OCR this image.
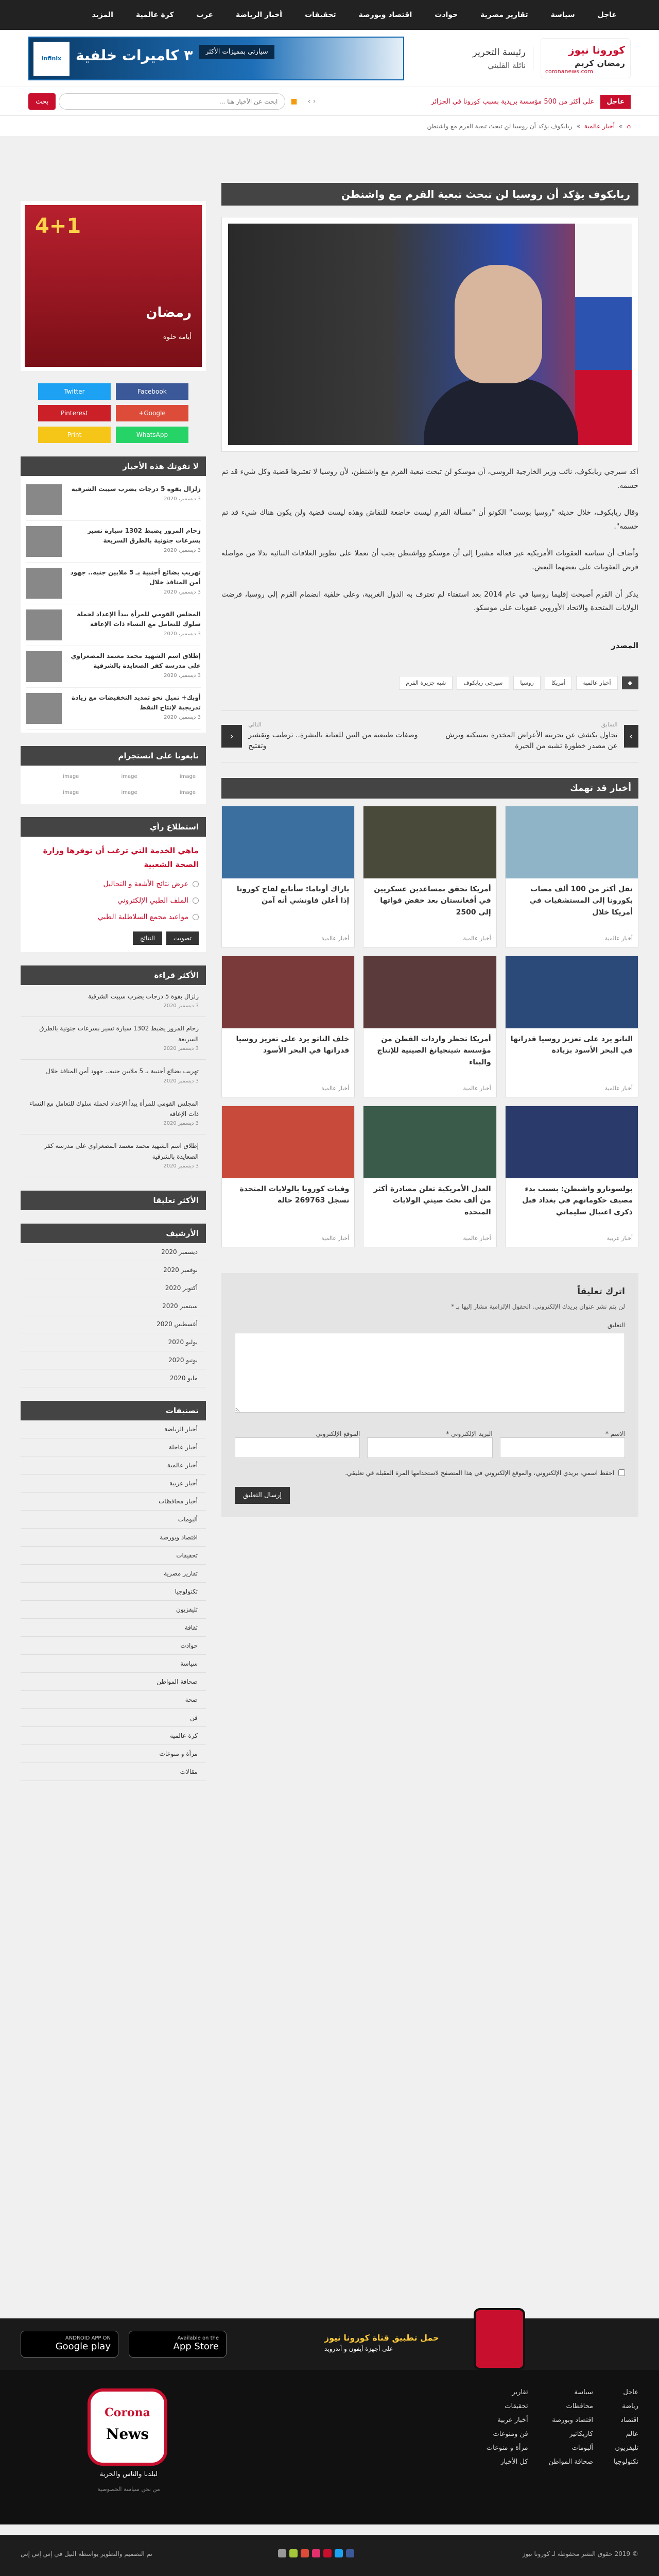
عاجل
سياسة
تقارير مصرية
حوادث
اقتصاد وبورصة
تحقيقات
أخبار الرياضة
عرب
كرة عالمية
المزيد
كورونا نيوز
رمضان كريم
coronanews.com
رئيسة التحرير
نائلة القليني
infinix
سيارتي بمميزات الأكثر
٣ كاميرات خلفية
عاجل
على أكثر من 500 مؤسسة بريدية بسبب كورونا في الجزائر
‹ ›
■
ابحث عن الأخبار هنا ...
بحث
⌂
»
أخبار عالمية
»
ريابكوف يؤكد أن روسيا لن تبحث تبعية القرم مع واشنطن
ريابكوف يؤكد أن روسيا لن تبحث تبعية القرم مع واشنطن

أكد سيرجي ريابكوف، نائب وزير الخارجية الروسي، أن موسكو لن تبحث تبعية القرم مع واشنطن، لأن روسيا لا تعتبرها قضية وكل شيء قد تم حسمه.

وقال ريابكوف، خلال حديثه "روسيا بوست" الكونو أن "مسألة القرم ليست خاضعة للنقاش وهذه ليست قضية ولن يكون هناك شيء قد تم حسمه".

وأضاف أن سياسة العقوبات الأمريكية غير فعالة مشيرا إلى أن موسكو وواشنطن يجب أن تعملا على تطوير العلاقات الثنائية بدلا من مواصلة فرض العقوبات على بعضهما البعض.

يذكر أن القرم أصبحت إقليما روسيا في عام 2014 بعد استفتاء لم تعترف به الدول الغربية، وعلى خلفية انضمام القرم إلى روسيا، فرضت الولايات المتحدة والاتحاد الأوروبي عقوبات على موسكو.

المصدر
◆
أخبار عالمية
أمريكا
روسيا
سيرجي ريابكوف
شبه جزيرة القرم
›
السابق
تحاول يكشف عن تجربته الأعراض المخدرة بمسكنه ويرش عن مصدر خطورة تشبه من الحيرة
‹
التالي
وصفات طبيعية من التين للعناية بالبشرة.. ترطيب وتقشير وتفتيح
أخبار قد تهمك
نقل أكثر من 100 ألف مصاب بكورونا إلى المستشفيات في أمريكا خلال
أخبار عالمية
أمريكا تحقق بمساعدين عسكريين في أفغانستان بعد خفض قواتها إلى 2500
أخبار عالمية
باراك أوباما: سأتابع لقاح كورونا إذا أعلن فاوتشي أنه آمن
أخبار عالمية
الناتو يرد على تعزيز روسيا قدراتها في البحر الأسود بزيادة
أخبار عالمية
أمريكا تحظر واردات القطن من مؤسسة شينجيانغ الصينية للإنتاج والبناء
أخبار عالمية
خلف الناتو يرد على تعزيز روسيا قدراتها في البحر الأسود
أخبار عالمية
بولسونارو واشنطن: بسبب بدء مصيف حكوماتهم في بغداد قبل ذكرى اغتيال سليماني
أخبار عربية
العدل الأمريكية تعلن مصادرة أكثر من ألف بحث صيني الولايات المتحدة
أخبار عالمية
وفيات كورونا بالولايات المتحدة تسجل 269763 حالة
أخبار عالمية
اترك تعليقاً
لن يتم نشر عنوان بريدك الإلكتروني. الحقول الإلزامية مشار إليها بـ *
التعليق
الاسم *
البريد الإلكتروني *
الموقع الإلكتروني
احفظ اسمي، بريدي الإلكتروني، والموقع الإلكتروني في هذا المتصفح لاستخدامها المرة المقبلة في تعليقي.
إرسال التعليق
4+1
رمضان
أيامه حلوه
Facebook
Twitter
Google+
Pinterest
WhatsApp
Print
لا تفوتك هذه الأخبار
زلزال بقوة 5 درجات يضرب سيبت الشرقية
3 ديسمبر، 2020
زحام المرور يضبط 1302 سيارة تسير بسرعات جنونية بالطرق السريعة
3 ديسمبر، 2020
تهريب بضائع أجنبية بـ 5 ملايين جنيه.. جهود أمن المنافذ خلال
3 ديسمبر، 2020
المجلس القومي للمرأة يبدأ الإعداد لحملة سلوك للتعامل مع النساء ذات الإعاقة
3 ديسمبر، 2020
إطلاق اسم الشهيد محمد معتمد المصعراوي على مدرسة كفر الصعايدة بالشرقية
3 ديسمبر، 2020
أوبك+ تميل نحو تمديد التخفيضات مع زيادة تدريجية لإنتاج النفط
3 ديسمبر، 2020
تابعونا على انستجرام
image
image
image
image
image
image
استطلاع رأي
ماهي الخدمة التي ترغب أن توفرها وزارة الصحة الشعبية
عرض نتائج الأشعة و التحاليل
الملف الطبي الإلكتروني
مواعيد مجمع السلاطلية الطبي
تصويت
النتائج
الأكثر قراءة
زلزال بقوة 5 درجات يضرب سيبت الشرقية
3 ديسمبر 2020
زحام المرور يضبط 1302 سيارة تسير بسرعات جنونية بالطرق السريعة
3 ديسمبر 2020
تهريب بضائع أجنبية بـ 5 ملايين جنيه.. جهود أمن المنافذ خلال
3 ديسمبر 2020
المجلس القومي للمرأة يبدأ الإعداد لحملة سلوك للتعامل مع النساء ذات الإعاقة
3 ديسمبر 2020
إطلاق اسم الشهيد محمد معتمد المصعراوي على مدرسة كفر الصعايدة بالشرقية
3 ديسمبر 2020
الأكثر تعليقا
الأرشيف
ديسمبر 2020
نوفمبر 2020
أكتوبر 2020
سبتمبر 2020
أغسطس 2020
يوليو 2020
يونيو 2020
مايو 2020
تصنيفات
أخبار الرياضة
أخبار عاجلة
أخبار عالمية
أخبار عربية
أخبار محافظات
ألبومات
اقتصاد وبورصة
تحقيقات
تقارير مصرية
تكنولوجيا
تليفزيون
ثقافة
حوادث
سياسة
صحافة المواطن
صحة
فن
كرة عالمية
مرأة و منوعات
مقالات
ANDROID APP ON
Google play
Available on the
App Store
حمل تطبيق قناة كورونا نيوز
على أجهزة أيفون و أندرويد
عاجل
رياضة
اقتصاد
عالم
تليفزيون
تكنولوجيا
سياسة
محافظات
اقتصاد وبورصة
كاريكاتير
ألبومات
صحافة المواطن
تقارير
تحقيقات
أخبار عربية
فن ومنوعات
مرأة و منوعات
كل الأخبار
Corona
News
لبلدنا والناس والحرية
من نحن سياسة الخصوصية
© 2019 حقوق النشر محفوظة لـ كورونا نيوز
تم التصميم والتطوير بواسطة النيل في إس إس إس
